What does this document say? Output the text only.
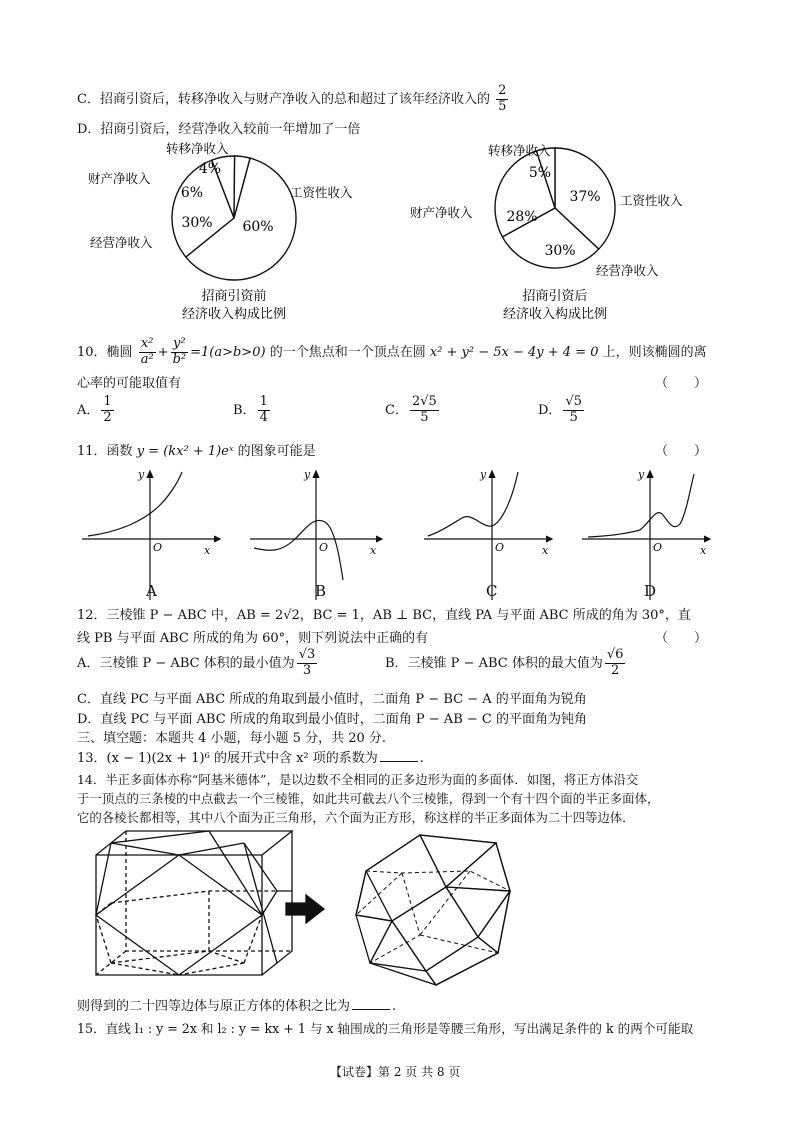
C．招商引资后，转移净收入与财产净收入的总和超过了该年经济收入的 $\frac{2}{5}$
D．招商引资后，经营净收入较前一年增加了一倍
60%
30%
6%
4%
工资性收入
经营净收入
财产净收入
转移净收入
招商引资前
经济收入构成比例
37%
30%
28%
5%
工资性收入
经营净收入
财产净收入
转移净收入
招商引资后
经济收入构成比例
10．椭圆 $\frac{\text{x²}}{\text{a²}} + \frac{\text{y²}}{\text{b²}} =1(a>b>0)$ 的一个焦点和一个顶点在圆 x² + y² − 5x − 4y + 4 = 0 上，则该椭圆的离
心率的可能取值有	（　　）
A． $\frac{1}{2}$	B． $\frac{1}{4}$	C． $\frac{2√5}{5}$	D． $\frac{√5}{5}$
11．函数 y = (kx² + 1)eˣ 的图象可能是	（　　）
y
x
O
y
x
O
y
x
O
y
x
O
A	B	C	D
12．三棱锥 P − ABC 中，AB = 2√2，BC = 1，AB ⊥ BC，直线 PA 与平面 ABC 所成的角为 30°，直
线 PB 与平面 ABC 所成的角为 60°，则下列说法中正确的有	（　　）
A．三棱锥 P − ABC 体积的最小值为 $\frac{√3}{3}$	B．三棱锥 P − ABC 体积的最大值为 $\frac{√6}{2}$
C．直线 PC 与平面 ABC 所成的角取到最小值时，二面角 P − BC − A 的平面角为锐角
D．直线 PC 与平面 ABC 所成的角取到最小值时，二面角 P − AB − C 的平面角为钝角
三、填空题：本题共 4 小题，每小题 5 分，共 20 分.
13．(x − 1)(2x + 1)⁶ 的展开式中含 x² 项的系数为	.
14．半正多面体亦称“阿基米德体”，是以边数不全相同的正多边形为面的多面体．如图，将正方体沿交
于一顶点的三条棱的中点截去一个三棱锥，如此共可截去八个三棱锥，得到一个有十四个面的半正多面体，
它的各棱长都相等，其中八个面为正三角形，六个面为正方形，称这样的半正多面体为二十四等边体．
则得到的二十四等边体与原正方体的体积之比为	.
15．直线 l₁ : y = 2x 和 l₂ : y = kx + 1 与 x 轴围成的三角形是等腰三角形，写出满足条件的 k 的两个可能取
【试卷】第 2 页 共 8 页
